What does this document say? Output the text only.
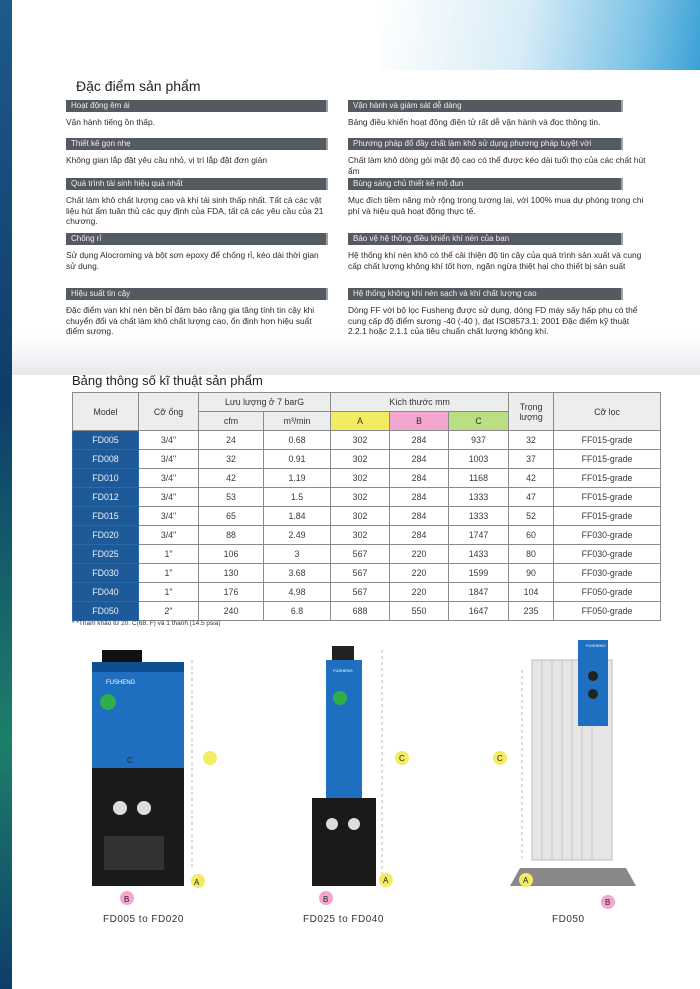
Đặc điểm sản phẩm
Hoạt động êm ái
Vận hành tiếng ồn thấp.
Thiết kế gọn nhẹ
Không gian lắp đặt yêu cầu nhỏ, vị trí lắp đặt đơn giản
Quá trình tái sinh hiệu quả nhất
Chất làm khô chất lượng cao và khí tái sinh thấp nhất. Tất cả các vật liệu hút ẩm tuân thủ các quy định của FDA, tất cả các yêu cầu của 21 chương.
Chống rỉ
Sử dụng Alocroming và bột sơn epoxy để chống rỉ, kéo dài thời gian sử dụng.
Hiệu suất tin cậy
Đặc điểm van khí nén bền bỉ đảm bảo rằng gia tăng tính tin cậy khi chuyển đổi và chất làm khô chất lượng cao, ổn định hơn hiệu suất điểm sương.
Vận hành và giám sát dễ dàng
Bảng điều khiển hoạt động điện tử rất dễ vận hành và đọc thông tin.
Phương pháp đổ đầy chất làm khô sử dụng phương pháp tuyệt vời
Chất làm khô dòng gói mật độ cao có thể được kéo dài tuổi thọ của các chất hút ẩm
Bùng sáng chủ thiết kế mô đun
Mục đích tiềm năng mở rộng trong tương lai, với 100% mua dự phòng trong chi phí và hiệu quả hoạt động thực tế.
Bảo vệ hệ thống điều khiển khí nén của bạn
Hệ thống khí nén khô có thể cải thiện độ tin cậy của quá trình sản xuất và cung cấp chất lượng không khí tốt hơn, ngăn ngừa thiệt hại cho thiết bị sản suất
Hệ thống không khí nén sạch và khí chất lượng cao
Dòng FF với bộ lọc Fusheng được sử dụng, dòng FD máy sấy hấp phụ có thể cung cấp độ điểm sương -40 (-40 ), đạt ISO8573.1: 2001 Đặc điểm kỹ thuật 2.2.1 hoặc 2.1.1 của tiêu chuẩn chất lượng không khí.
Bảng thông số kĩ thuật sản phẩm
Model	Cỡ ống	Lưu lượng ở 7 barG		Kích thước mm			Trọng lượng	Cỡ lọc
		cfm	m³/min	A	B	C		
FD005	3/4"	24	0.68	302	284	937	32	FF015-grade
FD008	3/4"	32	0.91	302	284	1003	37	FF015-grade
FD010	3/4"	42	1.19	302	284	1168	42	FF015-grade
FD012	3/4"	53	1.5	302	284	1333	47	FF015-grade
FD015	3/4"	65	1.84	302	284	1333	52	FF015-grade
FD020	3/4"	88	2.49	302	284	1747	60	FF030-grade
FD025	1"	106	3	567	220	1433	80	FF030-grade
FD030	1"	130	3.68	567	220	1599	90	FF030-grade
FD040	1"	176	4.98	567	220	1847	104	FF050-grade
FD050	2"	240	6.8	688	550	1647	235	FF050-grade
* *Tham khảo từ 20. C(68. F) và 1 thanh (14.5 psia)
C
A
B
C
A
B
C
A
B
FUSHENG
FUSHENG
FUSHENG
FD005 to FD020	FD025 to FD040	FD050
